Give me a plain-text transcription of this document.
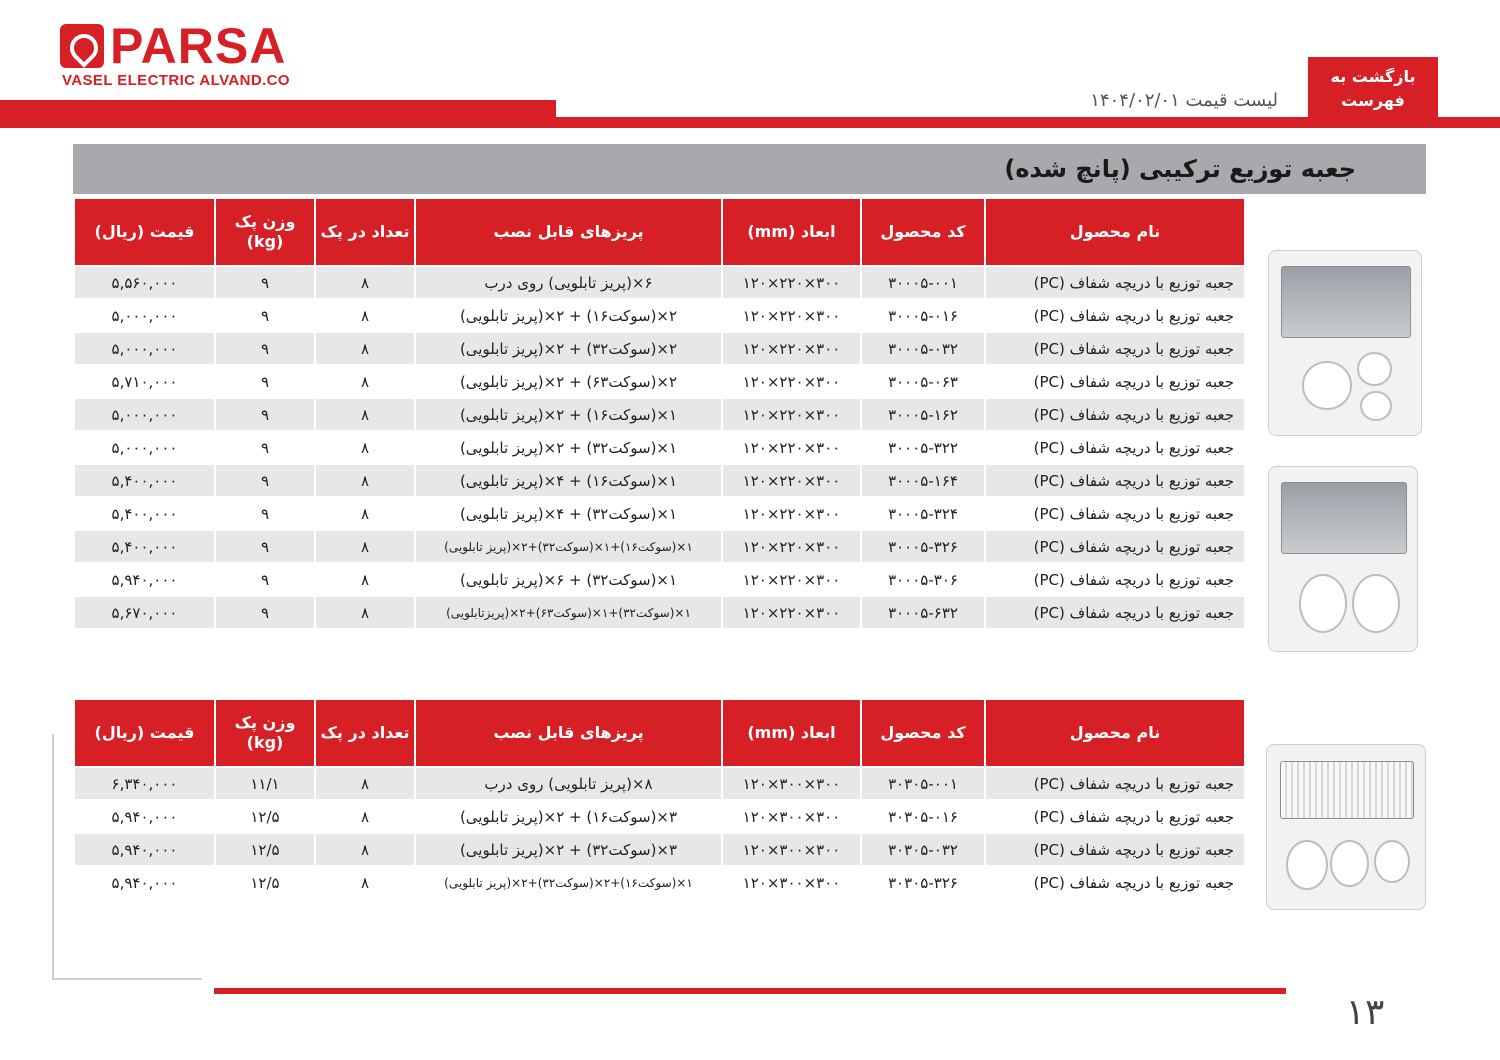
PARSA
VASEL ELECTRIC ALVAND.CO
لیست قیمت ۱۴۰۴/۰۲/۰۱
بازگشت به
فهرست
جعبه توزیع ترکیبی (پانچ شده)
نام محصول	کد محصول	ابعاد (mm)	پریزهای قابل نصب	تعداد در پک	وزن پک (kg)	قیمت (ریال)
جعبه توزیع با دریچه شفاف (PC)	۳۰۰۰۵-۰۰۱	۳۰۰×۲۲۰×۱۲۰	۶×(پریز تابلویی) روی درب	۸	۹	۵,۵۶۰,۰۰۰
جعبه توزیع با دریچه شفاف (PC)	۳۰۰۰۵-۰۱۶	۳۰۰×۲۲۰×۱۲۰	۲×(سوکت۱۶) + ۲×(پریز تابلویی)	۸	۹	۵,۰۰۰,۰۰۰
جعبه توزیع با دریچه شفاف (PC)	۳۰۰۰۵-۰۳۲	۳۰۰×۲۲۰×۱۲۰	۲×(سوکت۳۲) + ۲×(پریز تابلویی)	۸	۹	۵,۰۰۰,۰۰۰
جعبه توزیع با دریچه شفاف (PC)	۳۰۰۰۵-۰۶۳	۳۰۰×۲۲۰×۱۲۰	۲×(سوکت۶۳) + ۲×(پریز تابلویی)	۸	۹	۵,۷۱۰,۰۰۰
جعبه توزیع با دریچه شفاف (PC)	۳۰۰۰۵-۱۶۲	۳۰۰×۲۲۰×۱۲۰	۱×(سوکت۱۶) + ۲×(پریز تابلویی)	۸	۹	۵,۰۰۰,۰۰۰
جعبه توزیع با دریچه شفاف (PC)	۳۰۰۰۵-۳۲۲	۳۰۰×۲۲۰×۱۲۰	۱×(سوکت۳۲) + ۲×(پریز تابلویی)	۸	۹	۵,۰۰۰,۰۰۰
جعبه توزیع با دریچه شفاف (PC)	۳۰۰۰۵-۱۶۴	۳۰۰×۲۲۰×۱۲۰	۱×(سوکت۱۶) + ۴×(پریز تابلویی)	۸	۹	۵,۴۰۰,۰۰۰
جعبه توزیع با دریچه شفاف (PC)	۳۰۰۰۵-۳۲۴	۳۰۰×۲۲۰×۱۲۰	۱×(سوکت۳۲) + ۴×(پریز تابلویی)	۸	۹	۵,۴۰۰,۰۰۰
جعبه توزیع با دریچه شفاف (PC)	۳۰۰۰۵-۳۲۶	۳۰۰×۲۲۰×۱۲۰	۱×(سوکت۱۶)+۱×(سوکت۳۲)+۲×(پریز تابلویی)	۸	۹	۵,۴۰۰,۰۰۰
جعبه توزیع با دریچه شفاف (PC)	۳۰۰۰۵-۳۰۶	۳۰۰×۲۲۰×۱۲۰	۱×(سوکت۳۲) + ۶×(پریز تابلویی)	۸	۹	۵,۹۴۰,۰۰۰
جعبه توزیع با دریچه شفاف (PC)	۳۰۰۰۵-۶۳۲	۳۰۰×۲۲۰×۱۲۰	۱×(سوکت۳۲)+۱×(سوکت۶۳)+۲×(پریزتابلویی)	۸	۹	۵,۶۷۰,۰۰۰
نام محصول	کد محصول	ابعاد (mm)	پریزهای قابل نصب	تعداد در پک	وزن پک (kg)	قیمت (ریال)
جعبه توزیع با دریچه شفاف (PC)	۳۰۳۰۵-۰۰۱	۳۰۰×۳۰۰×۱۲۰	۸×(پریز تابلویی) روی درب	۸	۱۱/۱	۶,۳۴۰,۰۰۰
جعبه توزیع با دریچه شفاف (PC)	۳۰۳۰۵-۰۱۶	۳۰۰×۳۰۰×۱۲۰	۳×(سوکت۱۶) + ۲×(پریز تابلویی)	۸	۱۲/۵	۵,۹۴۰,۰۰۰
جعبه توزیع با دریچه شفاف (PC)	۳۰۳۰۵-۰۳۲	۳۰۰×۳۰۰×۱۲۰	۳×(سوکت۳۲) + ۲×(پریز تابلویی)	۸	۱۲/۵	۵,۹۴۰,۰۰۰
جعبه توزیع با دریچه شفاف (PC)	۳۰۳۰۵-۳۲۶	۳۰۰×۳۰۰×۱۲۰	۱×(سوکت۱۶)+۲×(سوکت۳۲)+۲×(پریز تابلویی)	۸	۱۲/۵	۵,۹۴۰,۰۰۰
۱۳
